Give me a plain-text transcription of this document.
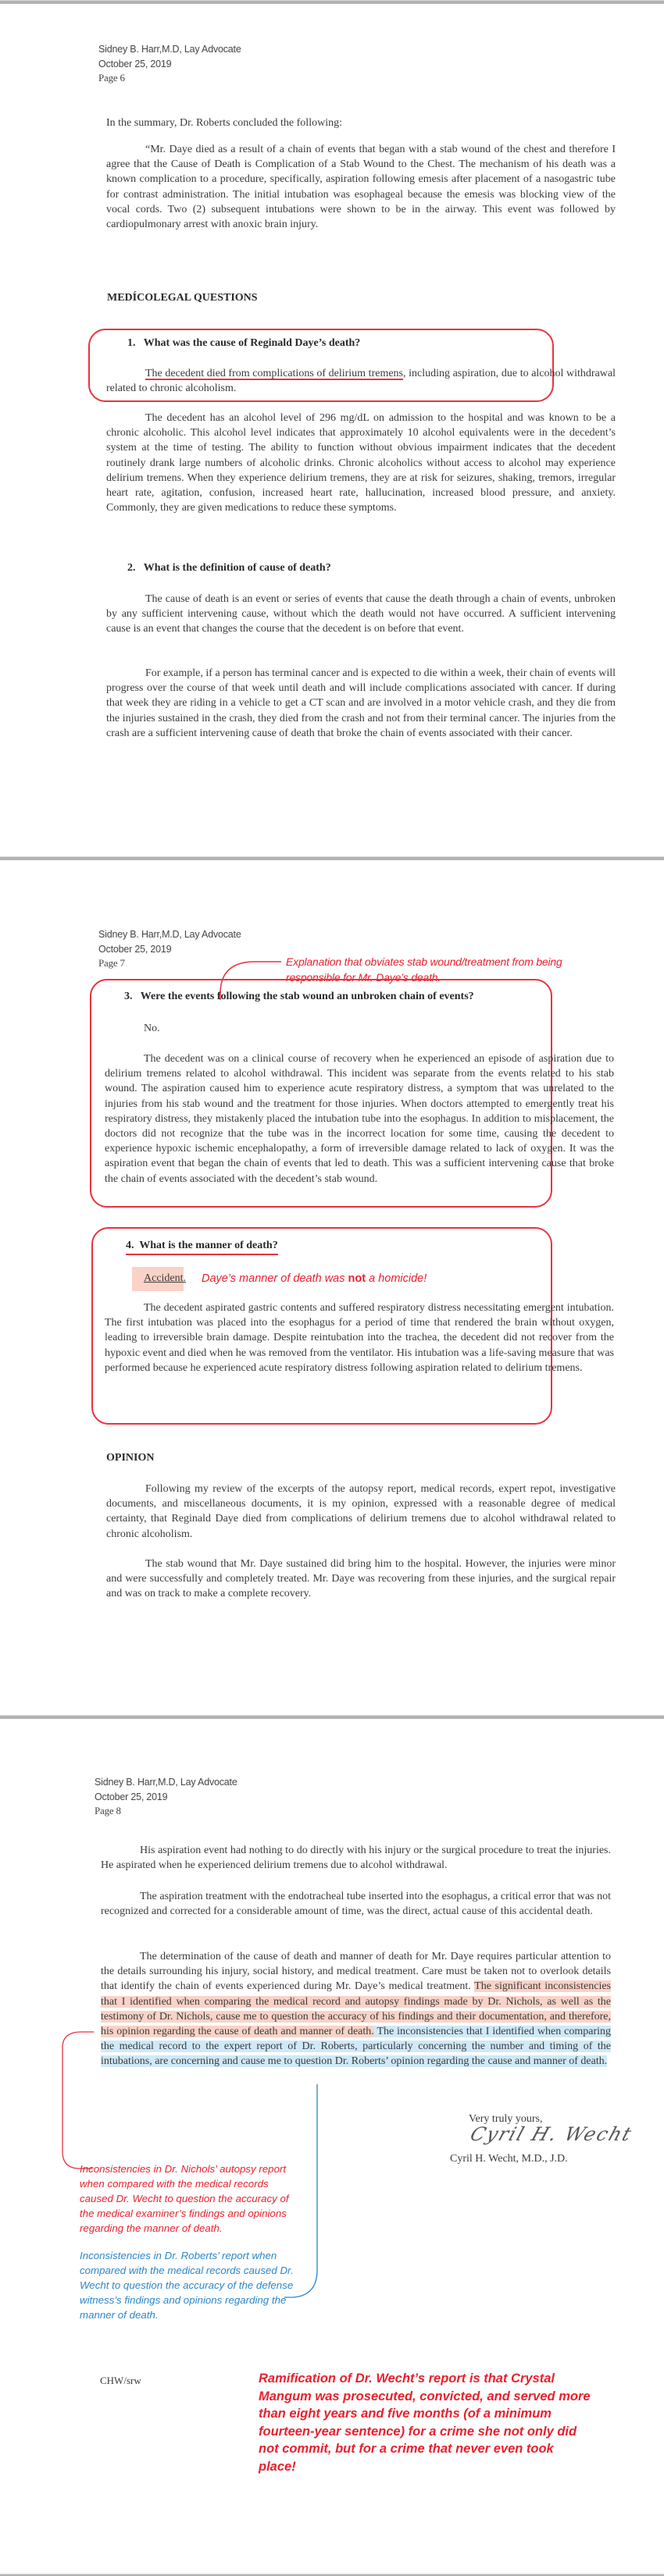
Sidney B. Harr,M.D, Lay Advocate
October 25, 2019
Page 6
In the summary, Dr. Roberts concluded the following:
“Mr. Daye died as a result of a chain of events that began with a stab wound of the chest and therefore I agree that the Cause of Death is Complication of a Stab Wound to the Chest. The mechanism of his death was a known complication to a procedure, specifically, aspiration following emesis after placement of a nasogastric tube for contrast administration. The initial intubation was esophageal because the emesis was blocking view of the vocal cords. Two (2) subsequent intubations were shown to be in the airway. This event was followed by cardiopulmonary arrest with anoxic brain injury.
MEDÍCOLEGAL QUESTIONS
1. What was the cause of Reginald Daye’s death?
The decedent died from complications of delirium tremens, including aspiration, due to alcohol withdrawal related to chronic alcoholism.
The decedent has an alcohol level of 296 mg/dL on admission to the hospital and was known to be a chronic alcoholic. This alcohol level indicates that approximately 10 alcohol equivalents were in the decedent’s system at the time of testing. The ability to function without obvious impairment indicates that the decedent routinely drank large numbers of alcoholic drinks. Chronic alcoholics without access to alcohol may experience delirium tremens. When they experience delirium tremens, they are at risk for seizures, shaking, tremors, irregular heart rate, agitation, confusion, increased heart rate, hallucination, increased blood pressure, and anxiety. Commonly, they are given medications to reduce these symptoms.
2. What is the definition of cause of death?
The cause of death is an event or series of events that cause the death through a chain of events, unbroken by any sufficient intervening cause, without which the death would not have occurred. A sufficient intervening cause is an event that changes the course that the decedent is on before that event.
For example, if a person has terminal cancer and is expected to die within a week, their chain of events will progress over the course of that week until death and will include complications associated with cancer. If during that week they are riding in a vehicle to get a CT scan and are involved in a motor vehicle crash, and they die from the injuries sustained in the crash, they died from the crash and not from their terminal cancer. The injuries from the crash are a sufficient intervening cause of death that broke the chain of events associated with their cancer.
Sidney B. Harr,M.D, Lay Advocate
October 25, 2019
Page 7	Explanation that obviates stab wound/treatment from being responsible for Mr. Daye’s death.
3. Were the events following the stab wound an unbroken chain of events?
No.
The decedent was on a clinical course of recovery when he experienced an episode of aspiration due to delirium tremens related to alcohol withdrawal. This incident was separate from the events related to his stab wound. The aspiration caused him to experience acute respiratory distress, a symptom that was unrelated to the injuries from his stab wound and the treatment for those injuries. When doctors attempted to emergently treat his respiratory distress, they mistakenly placed the intubation tube into the esophagus. In addition to misplacement, the doctors did not recognize that the tube was in the incorrect location for some time, causing the decedent to experience hypoxic ischemic encephalopathy, a form of irreversible damage related to lack of oxygen. It was the aspiration event that began the chain of events that led to death. This was a sufficient intervening cause that broke the chain of events associated with the decedent’s stab wound.
4. What is the manner of death?
Accident. Daye’s manner of death was not a homicide!
The decedent aspirated gastric contents and suffered respiratory distress necessitating emergent intubation. The first intubation was placed into the esophagus for a period of time that rendered the brain without oxygen, leading to irreversible brain damage. Despite reintubation into the trachea, the decedent did not recover from the hypoxic event and died when he was removed from the ventilator. His intubation was a life-saving measure that was performed because he experienced acute respiratory distress following aspiration related to delirium tremens.
OPINION
Following my review of the excerpts of the autopsy report, medical records, expert repot, investigative documents, and miscellaneous documents, it is my opinion, expressed with a reasonable degree of medical certainty, that Reginald Daye died from complications of delirium tremens due to alcohol withdrawal related to chronic alcoholism.
The stab wound that Mr. Daye sustained did bring him to the hospital. However, the injuries were minor and were successfully and completely treated. Mr. Daye was recovering from these injuries, and the surgical repair and was on track to make a complete recovery.
Sidney B. Harr,M.D, Lay Advocate
October 25, 2019
Page 8
His aspiration event had nothing to do directly with his injury or the surgical procedure to treat the injuries. He aspirated when he experienced delirium tremens due to alcohol withdrawal.
The aspiration treatment with the endotracheal tube inserted into the esophagus, a critical error that was not recognized and corrected for a considerable amount of time, was the direct, actual cause of this accidental death.
The determination of the cause of death and manner of death for Mr. Daye requires particular attention to the details surrounding his injury, social history, and medical treatment. Care must be taken not to overlook details that identify the chain of events experienced during Mr. Daye’s medical treatment. The significant inconsistencies that I identified when comparing the medical record and autopsy findings made by Dr. Nichols, as well as the testimony of Dr. Nichols, cause me to question the accuracy of his findings and their documentation, and therefore, his opinion regarding the cause of death and manner of death. The inconsistencies that I identified when comparing the medical record to the expert report of Dr. Roberts, particularly concerning the number and timing of the intubations, are concerning and cause me to question Dr. Roberts’ opinion regarding the cause and manner of death.
Very truly yours,
Cyril H. Wecht
Cyril H. Wecht, M.D., J.D.
Inconsistencies in Dr. Nichols’ autopsy report when compared with the medical records caused Dr. Wecht to question the accuracy of the medical examiner’s findings and opinions regarding the manner of death.
Inconsistencies in Dr. Roberts’ report when compared with the medical records caused Dr. Wecht to question the accuracy of the defense witness’s findings and opinions regarding the manner of death.
CHW/srw	Ramification of Dr. Wecht’s report is that Crystal Mangum was prosecuted, convicted, and served more than eight years and five months (of a minimum fourteen-year sentence) for a crime she not only did not commit, but for a crime that never even took place!
